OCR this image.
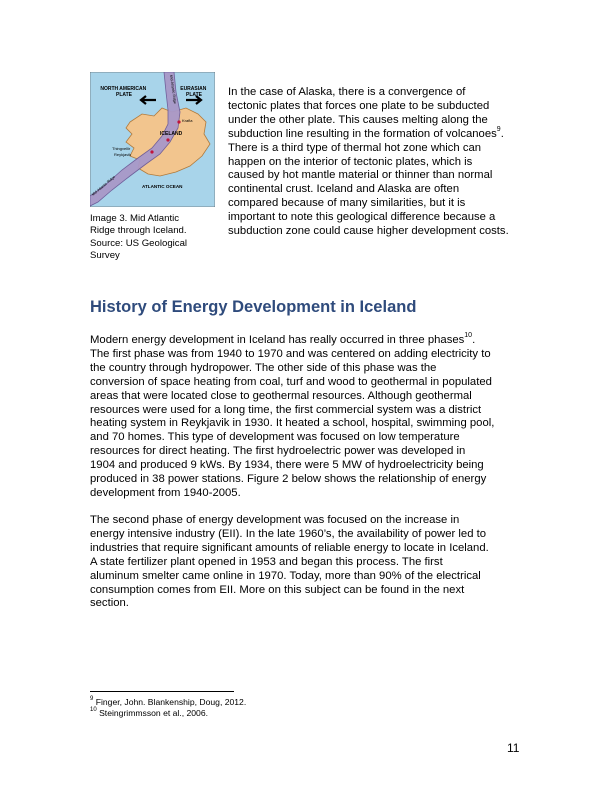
NORTH AMERICAN PLATE
EURASIAN PLATE
ICELAND
ATLANTIC OCEAN
Thingvellir
Reykjavik
Krafla
Mid-Atlantic Ridge
Mid-Atlantic Ridge
Image 3. Mid Atlantic
Ridge through Iceland.
Source: US Geological
Survey
In the case of Alaska, there is a convergence of
tectonic plates that forces one plate to be subducted
under the other plate. This causes melting along the
subduction line resulting in the formation of volcanoes$^9$.
There is a third type of thermal hot zone which can
happen on the interior of tectonic plates, which is
caused by hot mantle material or thinner than normal
continental crust. Iceland and Alaska are often
compared because of many similarities, but it is
important to note this geological difference because a
subduction zone could cause higher development costs.
History of Energy Development in Iceland
Modern energy development in Iceland has really occurred in three phases$^{10}$.
The first phase was from 1940 to 1970 and was centered on adding electricity to
the country through hydropower. The other side of this phase was the
conversion of space heating from coal, turf and wood to geothermal in populated
areas that were located close to geothermal resources. Although geothermal
resources were used for a long time, the first commercial system was a district
heating system in Reykjavik in 1930. It heated a school, hospital, swimming pool,
and 70 homes. This type of development was focused on low temperature
resources for direct heating. The first hydroelectric power was developed in
1904 and produced 9 kWs. By 1934, there were 5 MW of hydroelectricity being
produced in 38 power stations. Figure 2 below shows the relationship of energy
development from 1940-2005.
The second phase of energy development was focused on the increase in
energy intensive industry (EII). In the late 1960’s, the availability of power led to
industries that require significant amounts of reliable energy to locate in Iceland.
A state fertilizer plant opened in 1953 and began this process. The first
aluminum smelter came online in 1970. Today, more than 90% of the electrical
consumption comes from EII. More on this subject can be found in the next
section.
$^9$ Finger, John. Blankenship, Doug, 2012.
$^{10}$ Steingrimmsson et al., 2006.
11
